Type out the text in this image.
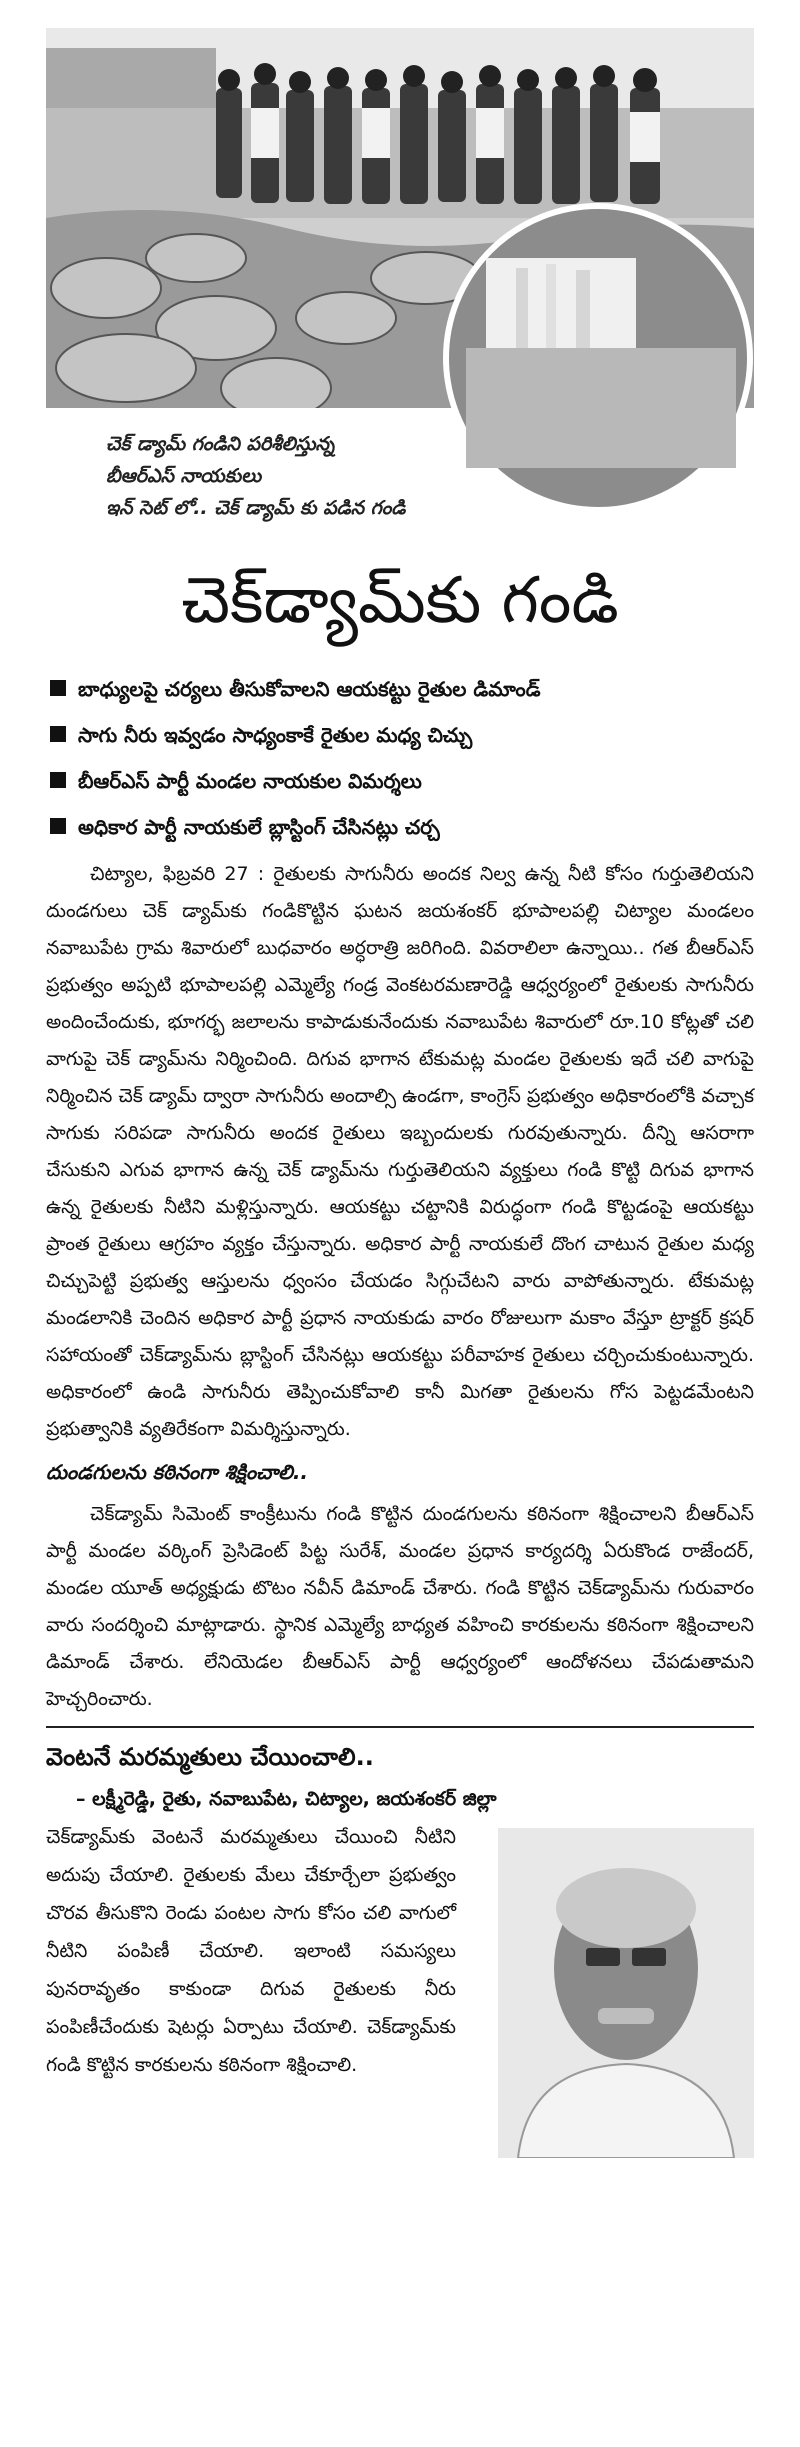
చెక్ డ్యామ్ గండిని పరిశీలిస్తున్న
బీఆర్ఎస్ నాయకులు
ఇన్ సెట్ లో.. చెక్ డ్యామ్ కు పడిన గండి
చెక్‌డ్యామ్‌కు గండి
బాధ్యులపై చర్యలు తీసుకోవాలని ఆయకట్టు రైతుల డిమాండ్
సాగు నీరు ఇవ్వడం సాధ్యంకాకే రైతుల మధ్య చిచ్చు
బీఆర్ఎస్ పార్టీ మండల నాయకుల విమర్శలు
అధికార పార్టీ నాయకులే బ్లాస్టింగ్ చేసినట్లు చర్చ

చిట్యాల, ఫిబ్రవరి 27 : రైతులకు సాగునీరు అందక నిల్వ ఉన్న నీటి కోసం గుర్తుతెలియని దుండగులు చెక్ డ్యామ్‌కు గండికొట్టిన ఘటన జయశంకర్ భూపాలపల్లి చిట్యాల మండలం నవాబుపేట గ్రామ శివారులో బుధవారం అర్ధరాత్రి జరిగింది. వివరాలిలా ఉన్నాయి.. గత బీఆర్ఎస్ ప్రభుత్వం అప్పటి భూపాలపల్లి ఎమ్మెల్యే గండ్ర వెంకటరమణారెడ్డి ఆధ్వర్యంలో రైతులకు సాగునీరు అందించేందుకు, భూగర్భ జలాలను కాపాడుకునేందుకు నవాబుపేట శివారులో రూ.10 కోట్లతో చలి వాగుపై చెక్ డ్యామ్‌ను నిర్మించింది. దిగువ భాగాన టేకుమట్ల మండల రైతులకు ఇదే చలి వాగుపై నిర్మించిన చెక్ డ్యామ్ ద్వారా సాగునీరు అందాల్సి ఉండగా, కాంగ్రెస్ ప్రభుత్వం అధికారంలోకి వచ్చాక సాగుకు సరిపడా సాగునీరు అందక రైతులు ఇబ్బందులకు గురవుతున్నారు. దీన్ని ఆసరాగా చేసుకుని ఎగువ భాగాన ఉన్న చెక్ డ్యామ్‌ను గుర్తుతెలియని వ్యక్తులు గండి కొట్టి దిగువ భాగాన ఉన్న రైతులకు నీటిని మళ్లిస్తున్నారు. ఆయకట్టు చట్టానికి విరుద్ధంగా గండి కొట్టడంపై ఆయకట్టు ప్రాంత రైతులు ఆగ్రహం వ్యక్తం చేస్తున్నారు. అధికార పార్టీ నాయకులే దొంగ చాటున రైతుల మధ్య చిచ్చుపెట్టి ప్రభుత్వ ఆస్తులను ధ్వంసం చేయడం సిగ్గుచేటని వారు వాపోతున్నారు. టేకుమట్ల మండలానికి చెందిన అధికార పార్టీ ప్రధాన నాయకుడు వారం రోజులుగా మకాం వేస్తూ ట్రాక్టర్ క్రషర్ సహాయంతో చెక్‌డ్యామ్‌ను బ్లాస్టింగ్ చేసినట్లు ఆయకట్టు పరీవాహక రైతులు చర్చించుకుంటున్నారు. అధికారంలో ఉండి సాగునీరు తెప్పించుకోవాలి కానీ మిగతా రైతులను గోస పెట్టడమేంటని ప్రభుత్వానికి వ్యతిరేకంగా విమర్శిస్తున్నారు.

దుండగులను కఠినంగా శిక్షించాలి..

చెక్‌డ్యామ్ సిమెంట్ కాంక్రీటును గండి కొట్టిన దుండగులను కఠినంగా శిక్షించాలని బీఆర్ఎస్ పార్టీ మండల వర్కింగ్ ప్రెసిడెంట్ పిట్ట సురేశ్, మండల ప్రధాన కార్యదర్శి ఏరుకొండ రాజేందర్, మండల యూత్ అధ్యక్షుడు టొటం నవీన్ డిమాండ్ చేశారు. గండి కొట్టిన చెక్‌డ్యామ్‌ను గురువారం వారు సందర్శించి మాట్లాడారు. స్థానిక ఎమ్మెల్యే బాధ్యత వహించి కారకులను కఠినంగా శిక్షించాలని డిమాండ్ చేశారు. లేనియెడల బీఆర్ఎస్ పార్టీ ఆధ్వర్యంలో ఆందోళనలు చేపడుతామని హెచ్చరించారు.

వెంటనే మరమ్మతులు చేయించాలి..
– లక్ష్మీరెడ్డి, రైతు, నవాబుపేట, చిట్యాల, జయశంకర్ జిల్లా
చెక్‌డ్యామ్‌కు వెంటనే మరమ్మతులు చేయించి నీటిని అదుపు చేయాలి. రైతులకు మేలు చేకూర్చేలా ప్రభుత్వం చొరవ తీసుకొని రెండు పంటల సాగు కోసం చలి వాగులో నీటిని పంపిణీ చేయాలి. ఇలాంటి సమస్యలు పునరావృతం కాకుండా దిగువ రైతులకు నీరు పంపిణీచేందుకు షెటర్లు ఏర్పాటు చేయాలి. చెక్‌డ్యామ్‌కు గండి కొట్టిన కారకులను కఠినంగా శిక్షించాలి.
